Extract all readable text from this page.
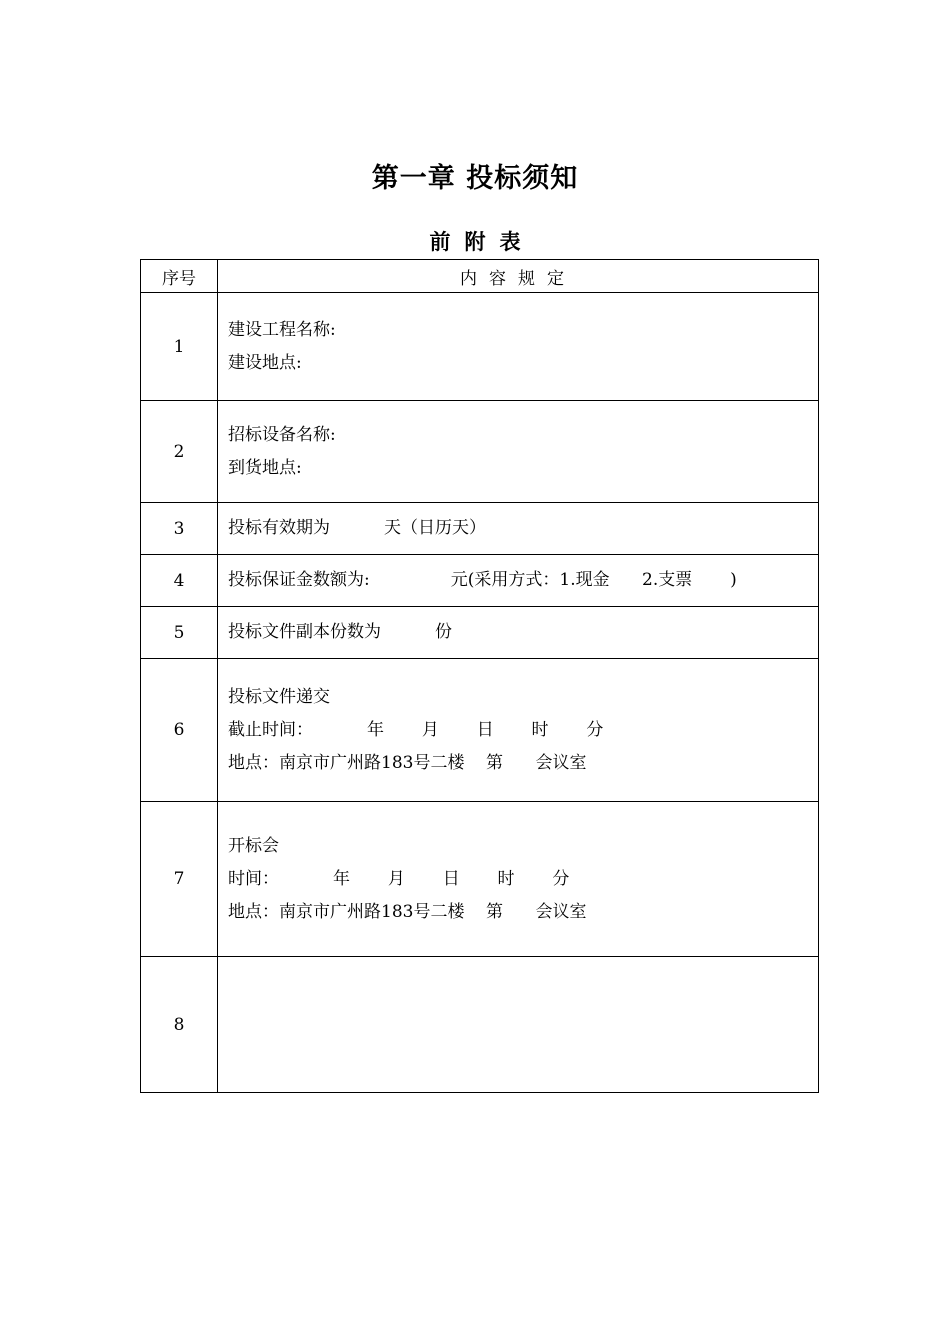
第一章 投标须知
前附表
序号	内容规定
1	建设工程名称:
建设地点:

2	招标设备名称:
到货地点:

3	投标有效期为          天（日历天）

4	投标保证金数额为:               元(采用方式：1.现金      2.支票       )

5	投标文件副本份数为          份

6	投标文件递交
截止时间：          年       月       日       时       分
地点：南京市广州路183号二楼    第      会议室

7	开标会
时间：          年       月       日       时       分
地点：南京市广州路183号二楼    第      会议室

8	
